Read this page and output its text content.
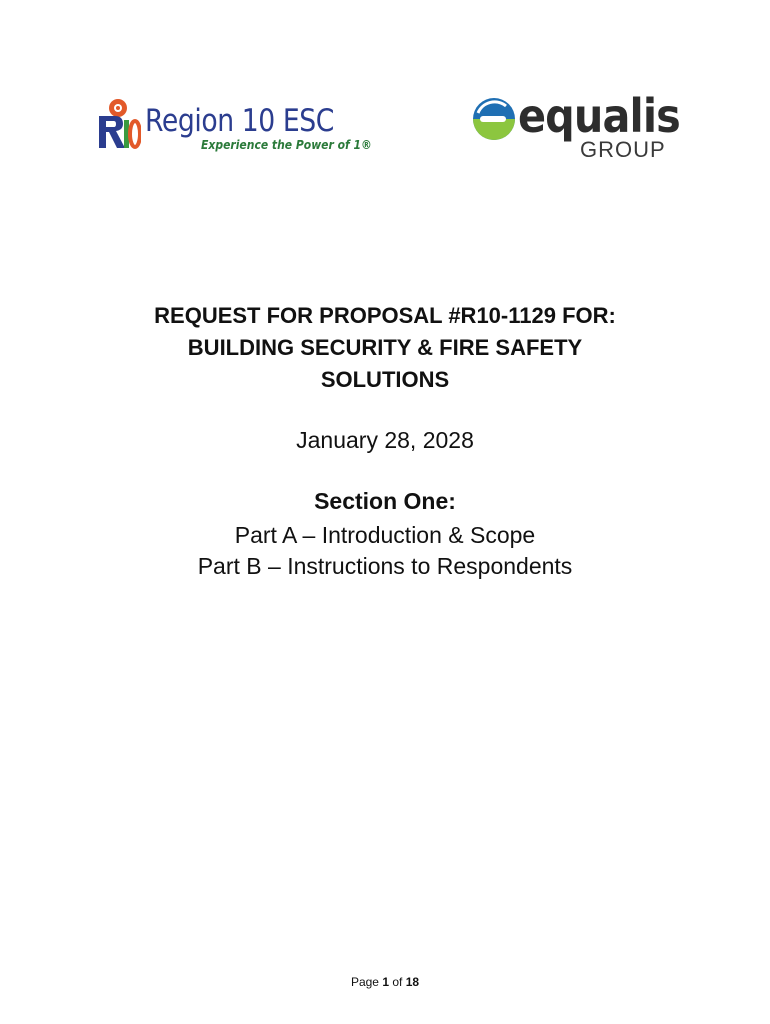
Region 10 ESC
Experience the Power of 1®
equalis
GROUP
REQUEST FOR PROPOSAL #R10-1129 FOR:
BUILDING SECURITY & FIRE SAFETY
SOLUTIONS
January 28, 2028
Section One:
Part A – Introduction & Scope
Part B – Instructions to Respondents
Page 1 of 18
